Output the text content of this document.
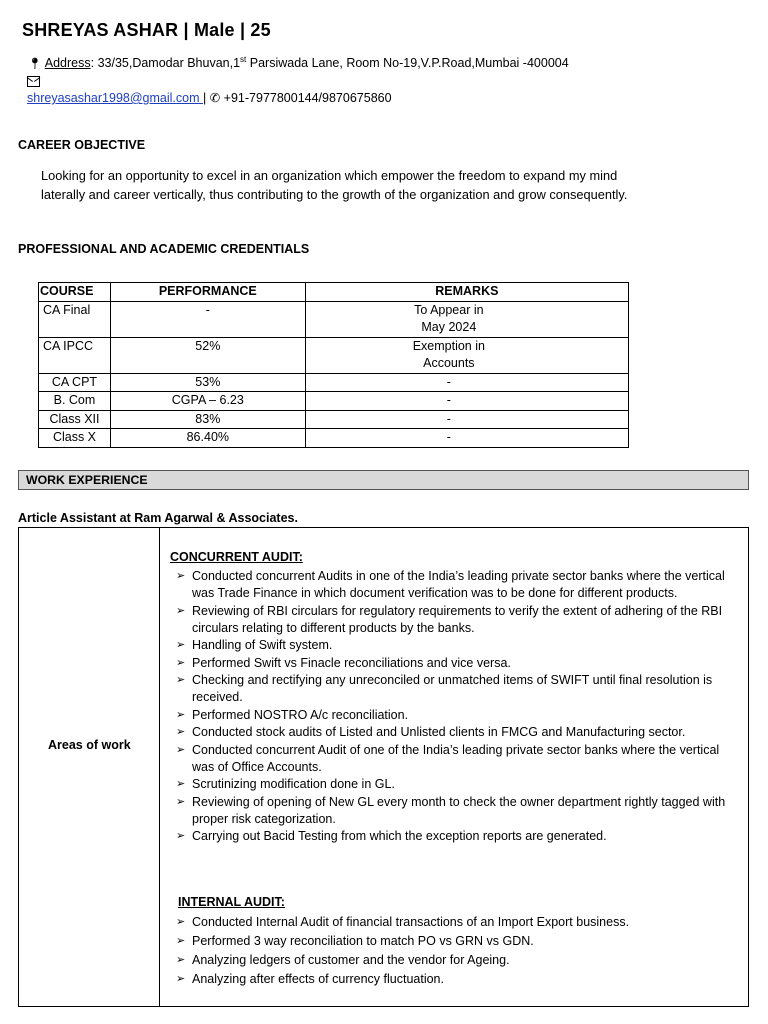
SHREYAS ASHAR | Male | 25
📍︎ Address: 33/35,Damodar Bhuvan,1st Parsiwada Lane, Room No-19,V.P.Road,Mumbai -400004

shreyasashar1998@gmail.com | ✆ +91-7977800144/9870675860
CAREER OBJECTIVE
Looking for an opportunity to excel in an organization which empower the freedom to expand my mind laterally and career vertically, thus contributing to the growth of the organization and grow consequently.
PROFESSIONAL AND ACADEMIC CREDENTIALS
COURSE	PERFORMANCE	REMARKS
CA Final	-	To Appear in
May 2024
CA IPCC	52%	Exemption in
Accounts
CA CPT	53%	-
B. Com	CGPA – 6.23	-
Class XII	83%	-
Class X	86.40%	-
WORK EXPERIENCE
Article Assistant at Ram Agarwal & Associates.
Areas of work
CONCURRENT AUDIT:
➢ Conducted concurrent Audits in one of the India’s leading private sector banks where the vertical was Trade Finance in which document verification was to be done for different products.
➢ Reviewing of RBI circulars for regulatory requirements to verify the extent of adhering of the RBI circulars relating to different products by the banks.
➢ Handling of Swift system.
➢ Performed Swift vs Finacle reconciliations and vice versa.
➢ Checking and rectifying any unreconciled or unmatched items of SWIFT until final resolution is received.
➢ Performed NOSTRO A/c reconciliation.
➢ Conducted stock audits of Listed and Unlisted clients in FMCG and Manufacturing sector.
➢ Conducted concurrent Audit of one of the India’s leading private sector banks where the vertical was of Office Accounts.
➢ Scrutinizing modification done in GL.
➢ Reviewing of opening of New GL every month to check the owner department rightly tagged with proper risk categorization.
➢ Carrying out Bacid Testing from which the exception reports are generated.
INTERNAL AUDIT:
➢ Conducted Internal Audit of financial transactions of an Import Export business.
➢ Performed 3 way reconciliation to match PO vs GRN vs GDN.
➢ Analyzing ledgers of customer and the vendor for Ageing.
➢ Analyzing after effects of currency fluctuation.
